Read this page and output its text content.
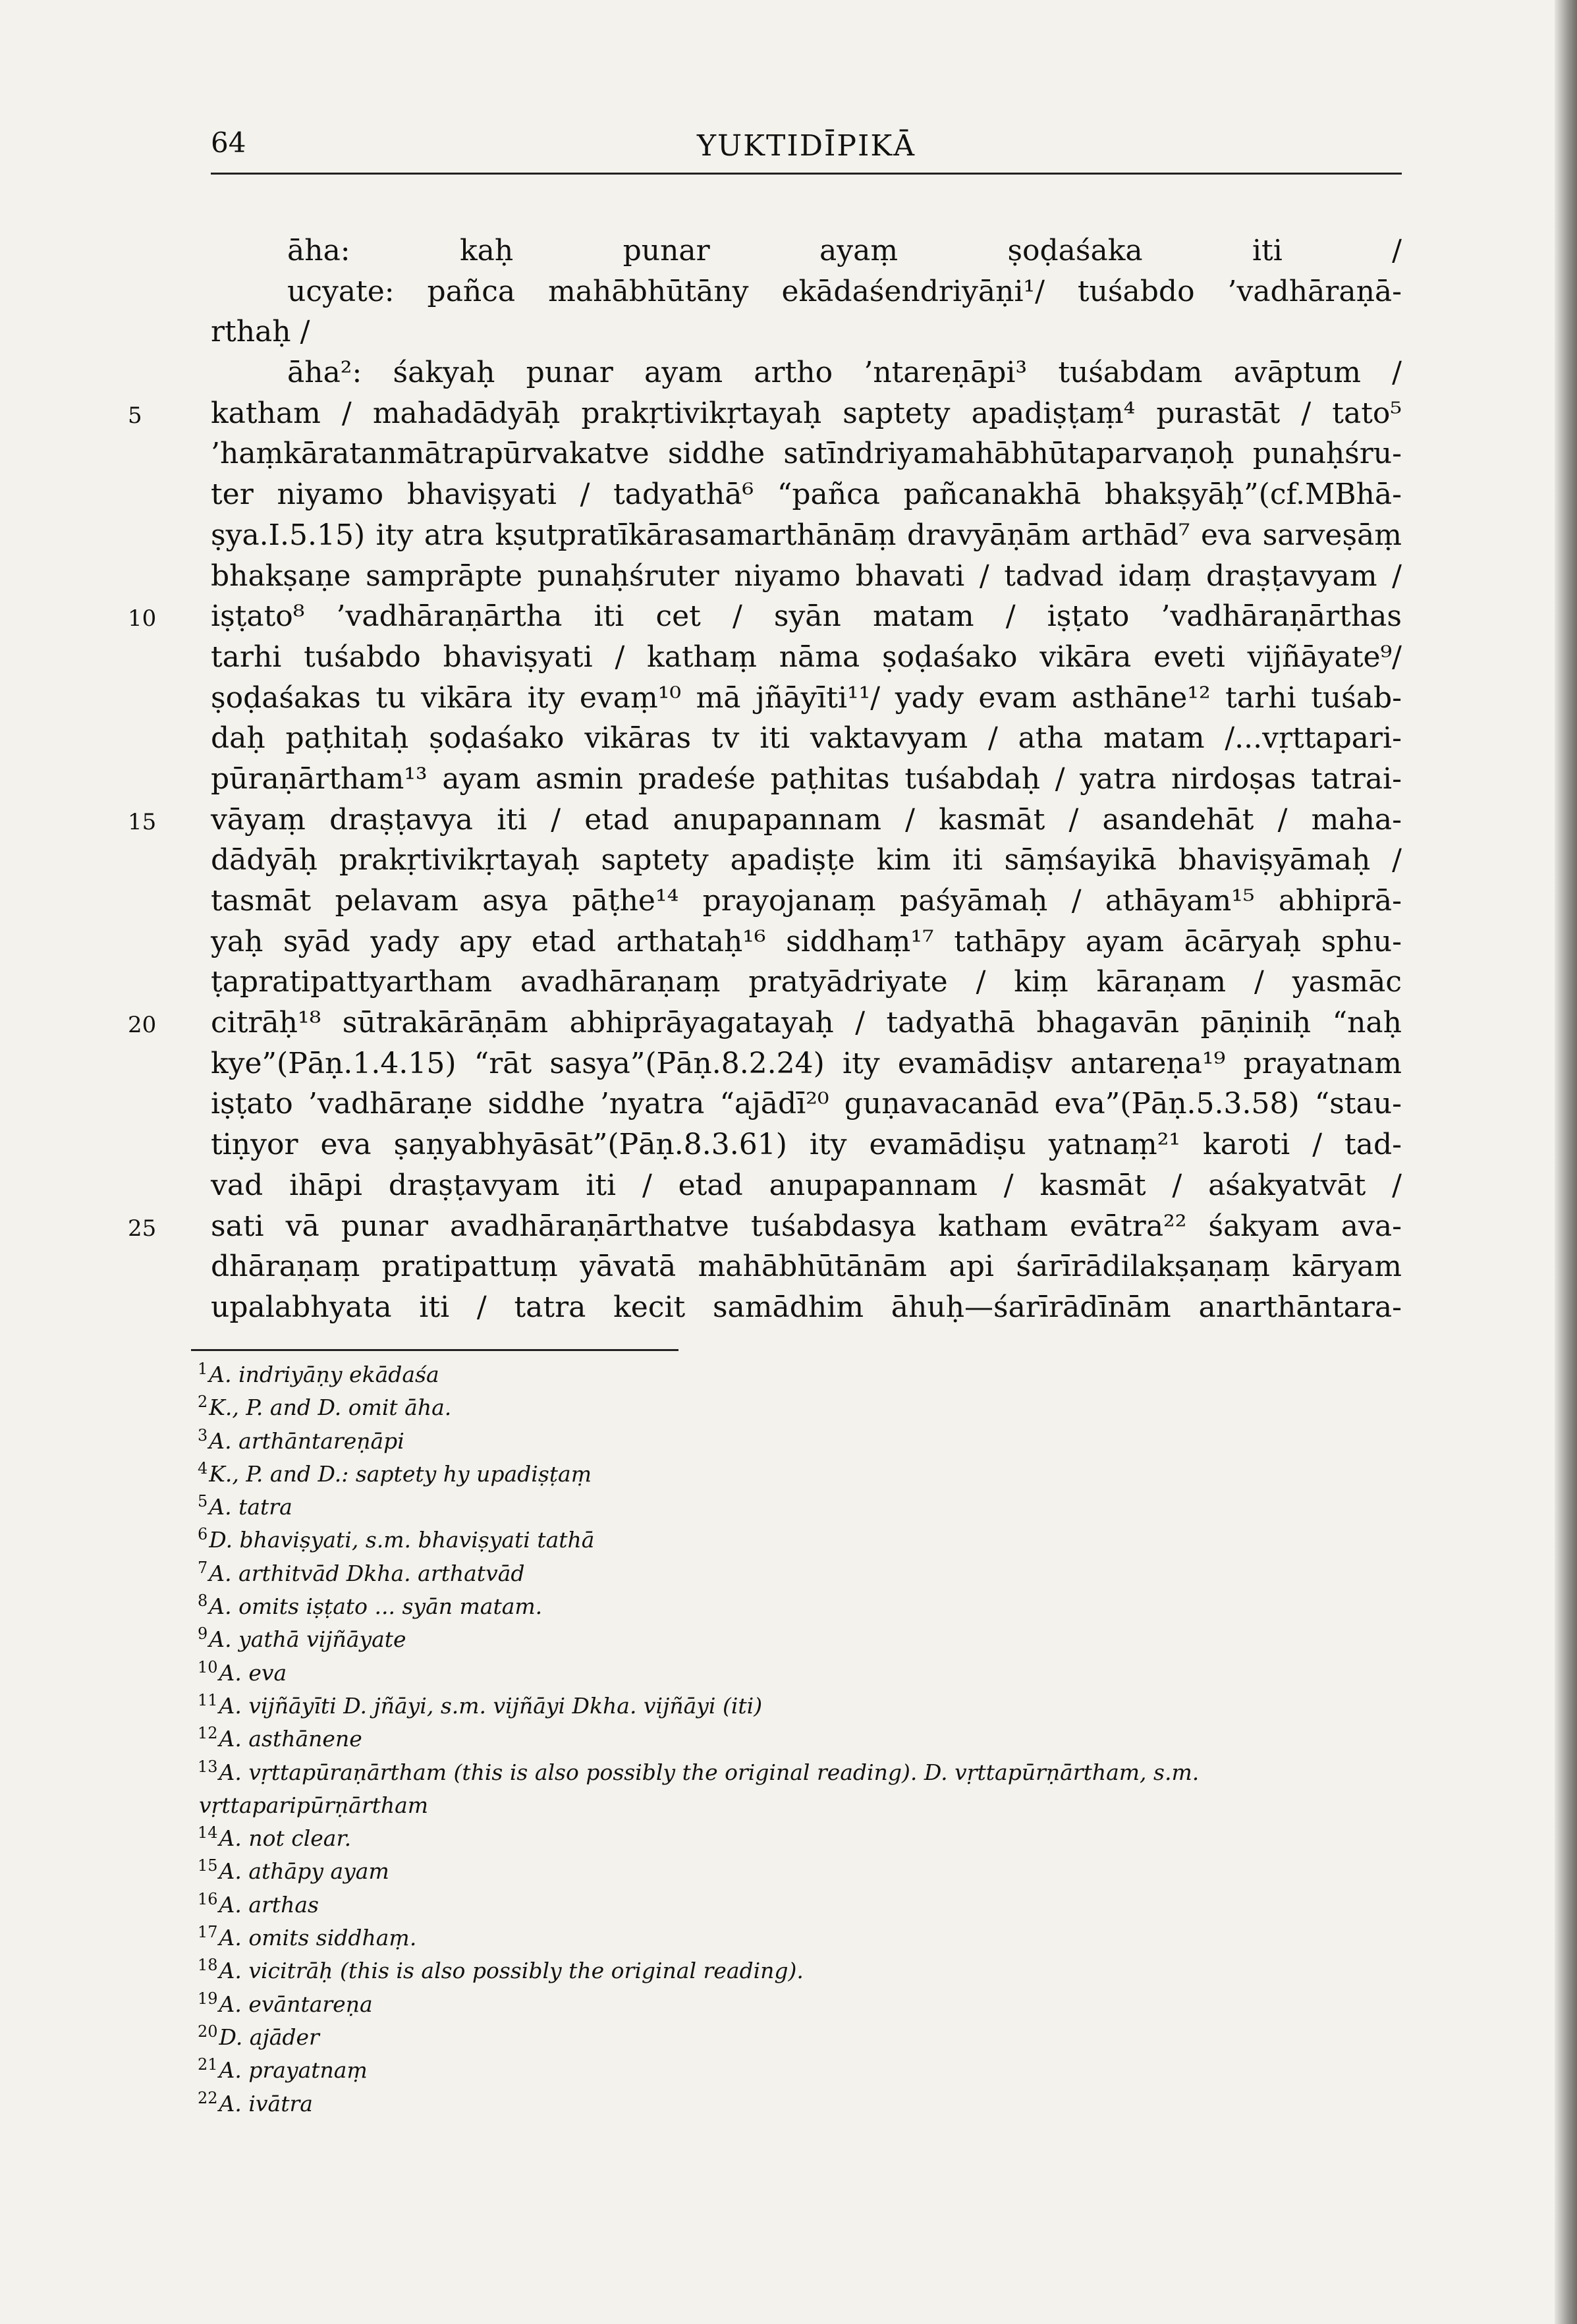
64	YUKTIDĪPIKĀ
āha: kaḥ punar ayaṃ ṣoḍaśaka iti /
ucyate: pañca mahābhūtāny ekādaśendriyāṇi¹/ tuśabdo ’vadhāraṇā-
rthaḥ /
āha²: śakyaḥ punar ayam artho ’ntareṇāpi³ tuśabdam avāptum /
5 katham / mahadādyāḥ prakṛtivikṛtayaḥ saptety apadiṣṭaṃ⁴ purastāt / tato⁵
’haṃkāratanmātrapūrvakatve siddhe satīndriyamahābhūtaparvaṇoḥ punaḥśru-
ter niyamo bhaviṣyati / tadyathā⁶ “pañca pañcanakhā bhakṣyāḥ”(cf.MBhā-
ṣya.I.5.15) ity atra kṣutpratīkārasamarthānāṃ dravyāṇām arthād⁷ eva sarveṣāṃ
bhakṣaṇe samprāpte punaḥśruter niyamo bhavati / tadvad idaṃ draṣṭavyam /
10 iṣṭato⁸ ’vadhāraṇārtha iti cet / syān matam / iṣṭato ’vadhāraṇārthas
tarhi tuśabdo bhaviṣyati / kathaṃ nāma ṣoḍaśako vikāra eveti vijñāyate⁹/
ṣoḍaśakas tu vikāra ity evaṃ¹⁰ mā jñāyīti¹¹/ yady evam asthāne¹² tarhi tuśab-
daḥ paṭhitaḥ ṣoḍaśako vikāras tv iti vaktavyam / atha matam /...vṛttapari-
pūraṇārtham¹³ ayam asmin pradeśe paṭhitas tuśabdaḥ / yatra nirdoṣas tatrai-
15 vāyaṃ draṣṭavya iti / etad anupapannam / kasmāt / asandehāt / maha-
dādyāḥ prakṛtivikṛtayaḥ saptety apadiṣṭe kim iti sāṃśayikā bhaviṣyāmaḥ /
tasmāt pelavam asya pāṭhe¹⁴ prayojanaṃ paśyāmaḥ / athāyam¹⁵ abhiprā-
yaḥ syād yady apy etad arthataḥ¹⁶ siddhaṃ¹⁷ tathāpy ayam ācāryaḥ sphu-
ṭapratipattyartham avadhāraṇaṃ pratyādriyate / kiṃ kāraṇam / yasmāc
20 citrāḥ¹⁸ sūtrakārāṇām abhiprāyagatayaḥ / tadyathā bhagavān pāṇiniḥ “naḥ
kye”(Pāṇ.1.4.15) “rāt sasya”(Pāṇ.8.2.24) ity evamādiṣv antareṇa¹⁹ prayatnam
iṣṭato ’vadhāraṇe siddhe ’nyatra “ajādī²⁰ guṇavacanād eva”(Pāṇ.5.3.58) “stau-
tiṇyor eva ṣaṇyabhyāsāt”(Pāṇ.8.3.61) ity evamādiṣu yatnaṃ²¹ karoti / tad-
vad ihāpi draṣṭavyam iti / etad anupapannam / kasmāt / aśakyatvāt /
25 sati vā punar avadhāraṇārthatve tuśabdasya katham evātra²² śakyam ava-
dhāraṇaṃ pratipattuṃ yāvatā mahābhūtānām api śarīrādilakṣaṇaṃ kāryam
upalabhyata iti / tatra kecit samādhim āhuḥ—śarīrādīnām anarthāntara-
$^1$A. indriyāṇy ekādaśa
$^2$K., P. and D. omit āha.
$^3$A. arthāntareṇāpi
$^4$K., P. and D.: saptety hy upadiṣṭaṃ
$^5$A. tatra
$^6$D. bhaviṣyati, s.m. bhaviṣyati tathā
$^7$A. arthitvād Dkha. arthatvād
$^8$A. omits iṣṭato ... syān matam.
$^9$A. yathā vijñāyate
$^{10}$A. eva
$^{11}$A. vijñāyīti D. jñāyi, s.m. vijñāyi Dkha. vijñāyi (iti)
$^{12}$A. asthānene
$^{13}$A. vṛttapūraṇārtham (this is also possibly the original reading). D. vṛttapūrṇārtham, s.m.
vṛttaparipūrṇārtham
$^{14}$A. not clear.
$^{15}$A. athāpy ayam
$^{16}$A. arthas
$^{17}$A. omits siddhaṃ.
$^{18}$A. vicitrāḥ (this is also possibly the original reading).
$^{19}$A. evāntareṇa
$^{20}$D. ajāder
$^{21}$A. prayatnaṃ
$^{22}$A. ivātra
